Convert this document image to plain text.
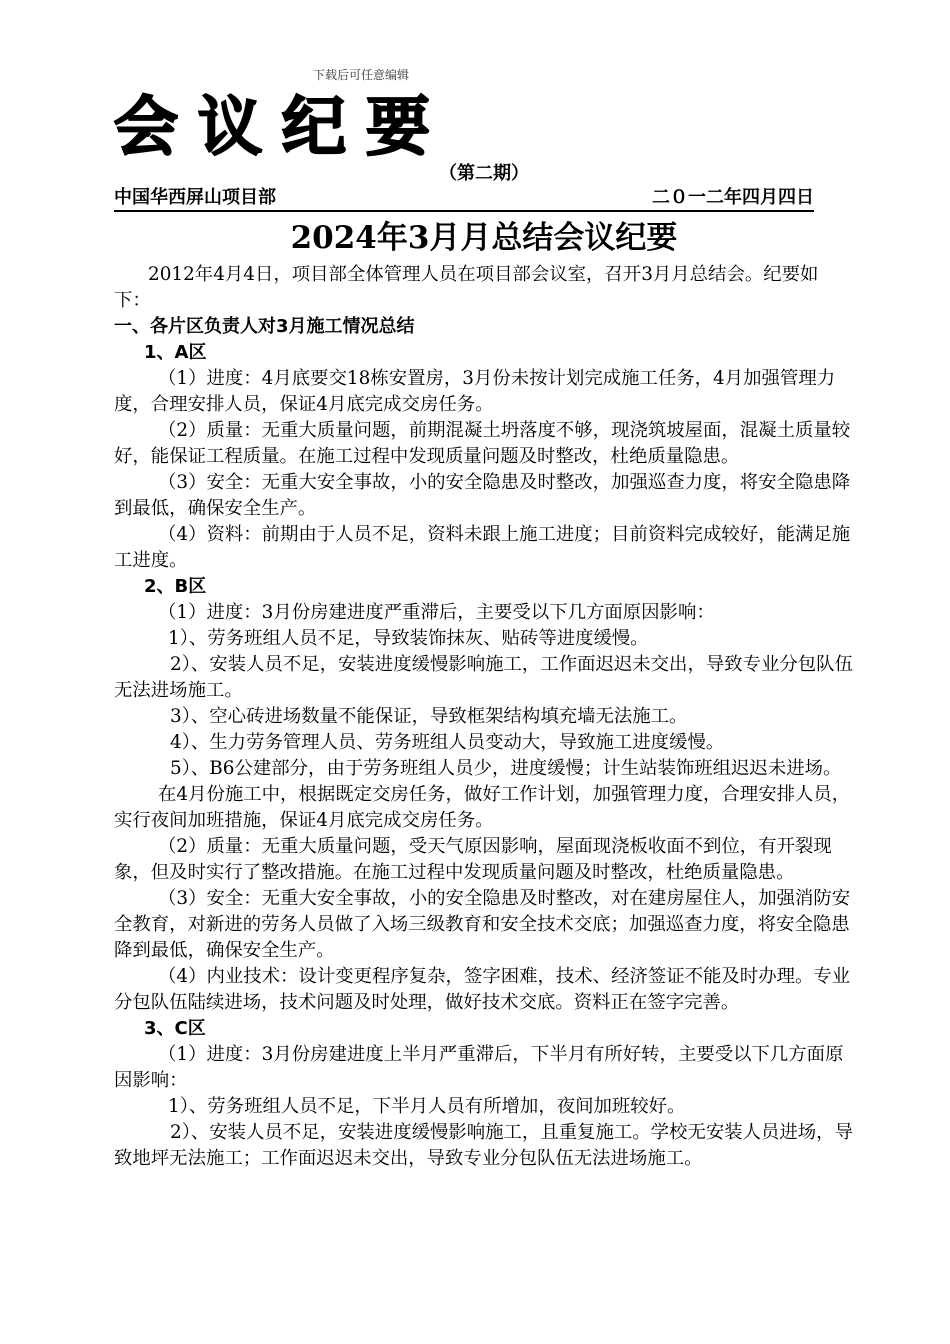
下载后可任意编辑
会议纪要
（第二期）
中国华西屏山项目部	二０一二年四月四日
2024年3月月总结会议纪要

2012年4月4日，项目部全体管理人员在项目部会议室，召开3月月总结会。纪要如下：

一、各片区负责人对3月施工情况总结

1、A区

（1）进度：4月底要交18栋安置房，3月份未按计划完成施工任务，4月加强管理力度，合理安排人员，保证4月底完成交房任务。

（2）质量：无重大质量问题，前期混凝土坍落度不够，现浇筑坡屋面，混凝土质量较好，能保证工程质量。在施工过程中发现质量问题及时整改，杜绝质量隐患。

（3）安全：无重大安全事故，小的安全隐患及时整改，加强巡查力度，将安全隐患降到最低，确保安全生产。

（4）资料：前期由于人员不足，资料未跟上施工进度；目前资料完成较好，能满足施工进度。

2、B区

（1）进度：3月份房建进度严重滞后，主要受以下几方面原因影响：

1）、劳务班组人员不足，导致装饰抹灰、贴砖等进度缓慢。

2）、安装人员不足，安装进度缓慢影响施工，工作面迟迟未交出，导致专业分包队伍无法进场施工。

3）、空心砖进场数量不能保证，导致框架结构填充墙无法施工。

4）、生力劳务管理人员、劳务班组人员变动大，导致施工进度缓慢。

5）、B6公建部分，由于劳务班组人员少，进度缓慢；计生站装饰班组迟迟未进场。

在4月份施工中，根据既定交房任务，做好工作计划，加强管理力度，合理安排人员，实行夜间加班措施，保证4月底完成交房任务。

（2）质量：无重大质量问题，受天气原因影响，屋面现浇板收面不到位，有开裂现象，但及时实行了整改措施。在施工过程中发现质量问题及时整改，杜绝质量隐患。

（3）安全：无重大安全事故，小的安全隐患及时整改，对在建房屋住人，加强消防安全教育，对新进的劳务人员做了入场三级教育和安全技术交底；加强巡查力度，将安全隐患降到最低，确保安全生产。

（4）内业技术：设计变更程序复杂，签字困难，技术、经济签证不能及时办理。专业分包队伍陆续进场，技术问题及时处理，做好技术交底。资料正在签字完善。

3、C区

（1）进度：3月份房建进度上半月严重滞后，下半月有所好转，主要受以下几方面原因影响：

1）、劳务班组人员不足，下半月人员有所增加，夜间加班较好。

2）、安装人员不足，安装进度缓慢影响施工，且重复施工。学校无安装人员进场，导致地坪无法施工；工作面迟迟未交出，导致专业分包队伍无法进场施工。
